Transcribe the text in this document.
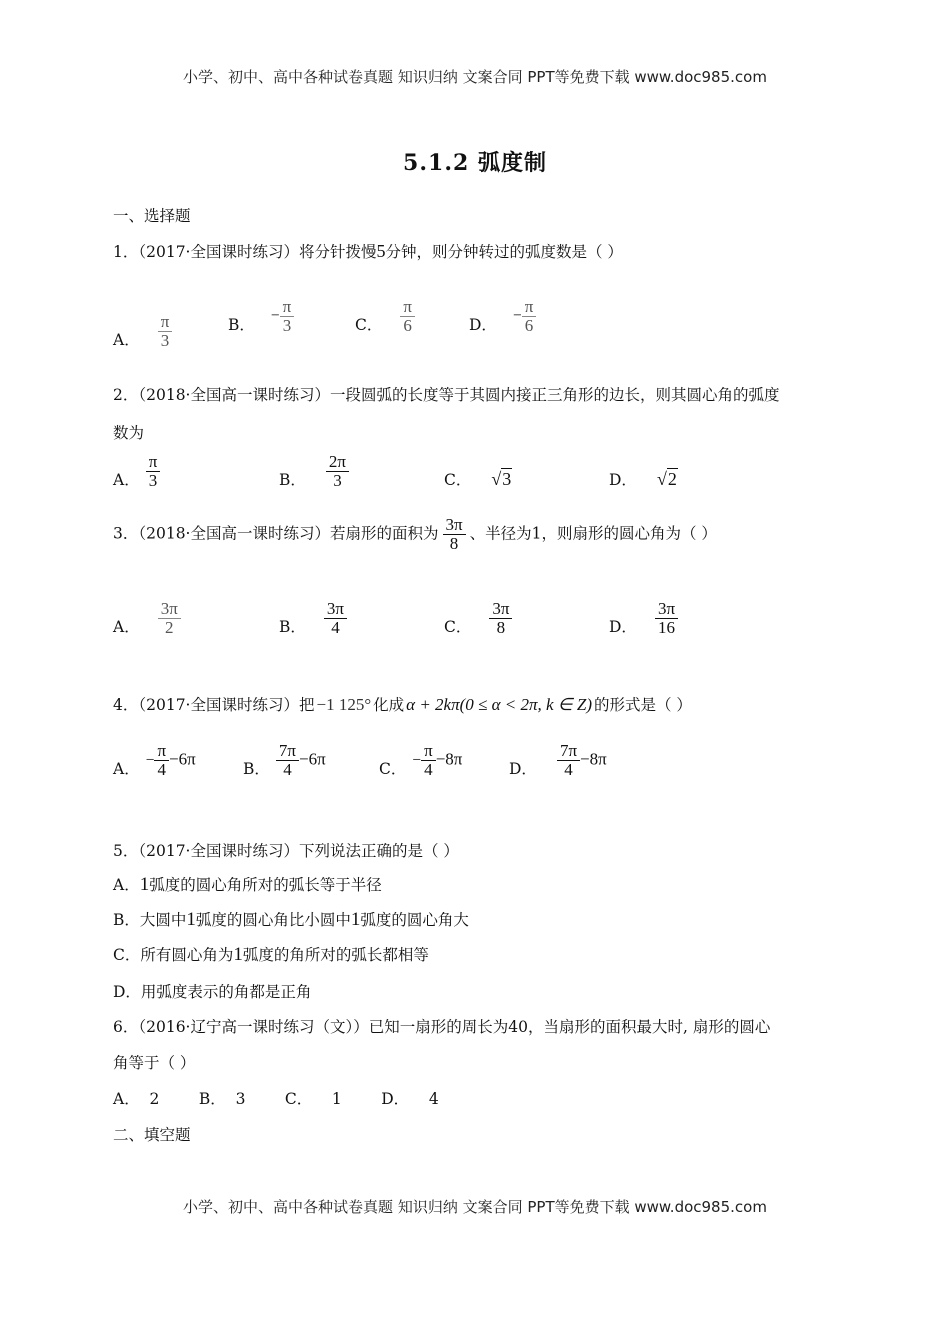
小学、初中、高中各种试卷真题 知识归纳 文案合同 PPT等免费下载 www.doc985.com
5.1.2 弧度制
一、选择题
1．（2017·全国课时练习）将分针拨慢5分钟，则分钟转过的弧度数是（ ）
A． $\frac{\pi}{3}$	B． − $\frac{\pi}{3}$	C． $\frac{\pi}{6}$	D． − $\frac{\pi}{6}$
2．（2018·全国高一课时练习）一段圆弧的长度等于其圆内接正三角形的边长，则其圆心角的弧度
数为
A． $\frac{\pi}{3}$	B． $\frac{2\pi}{3}$	C． √3	D． √2
3．（2018·全国高一课时练习）若扇形的面积为 $\frac{3\pi}{8}$ 、半径为1，则扇形的圆心角为（ ）
A． $\frac{3\pi}{2}$	B． $\frac{3\pi}{4}$	C． $\frac{3\pi}{8}$	D． $\frac{3\pi}{16}$
4．（2017·全国课时练习）把 −1 125° 化成 α + 2kπ(0 ≤ α < 2π, k ∈ Z) 的形式是（ ）
A． − $\frac{\pi}{4} -6\pi$
B． $\frac{7\pi}{4} -6\pi$
C． − $\frac{\pi}{4} -8\pi$
D． $\frac{7\pi}{4} -8\pi$
5．（2017·全国课时练习）下列说法正确的是（ ）
A．1弧度的圆心角所对的弧长等于半径
B．大圆中1弧度的圆心角比小圆中1弧度的圆心角大
C．所有圆心角为1弧度的角所对的弧长都相等
D．用弧度表示的角都是正角
6．（2016·辽宁高一课时练习（文））已知一扇形的周长为40，当扇形的面积最大时, 扇形的圆心
角等于（ ）
A．  2        B．  3        C．    1        D．    4
二、填空题
小学、初中、高中各种试卷真题 知识归纳 文案合同 PPT等免费下载 www.doc985.com
